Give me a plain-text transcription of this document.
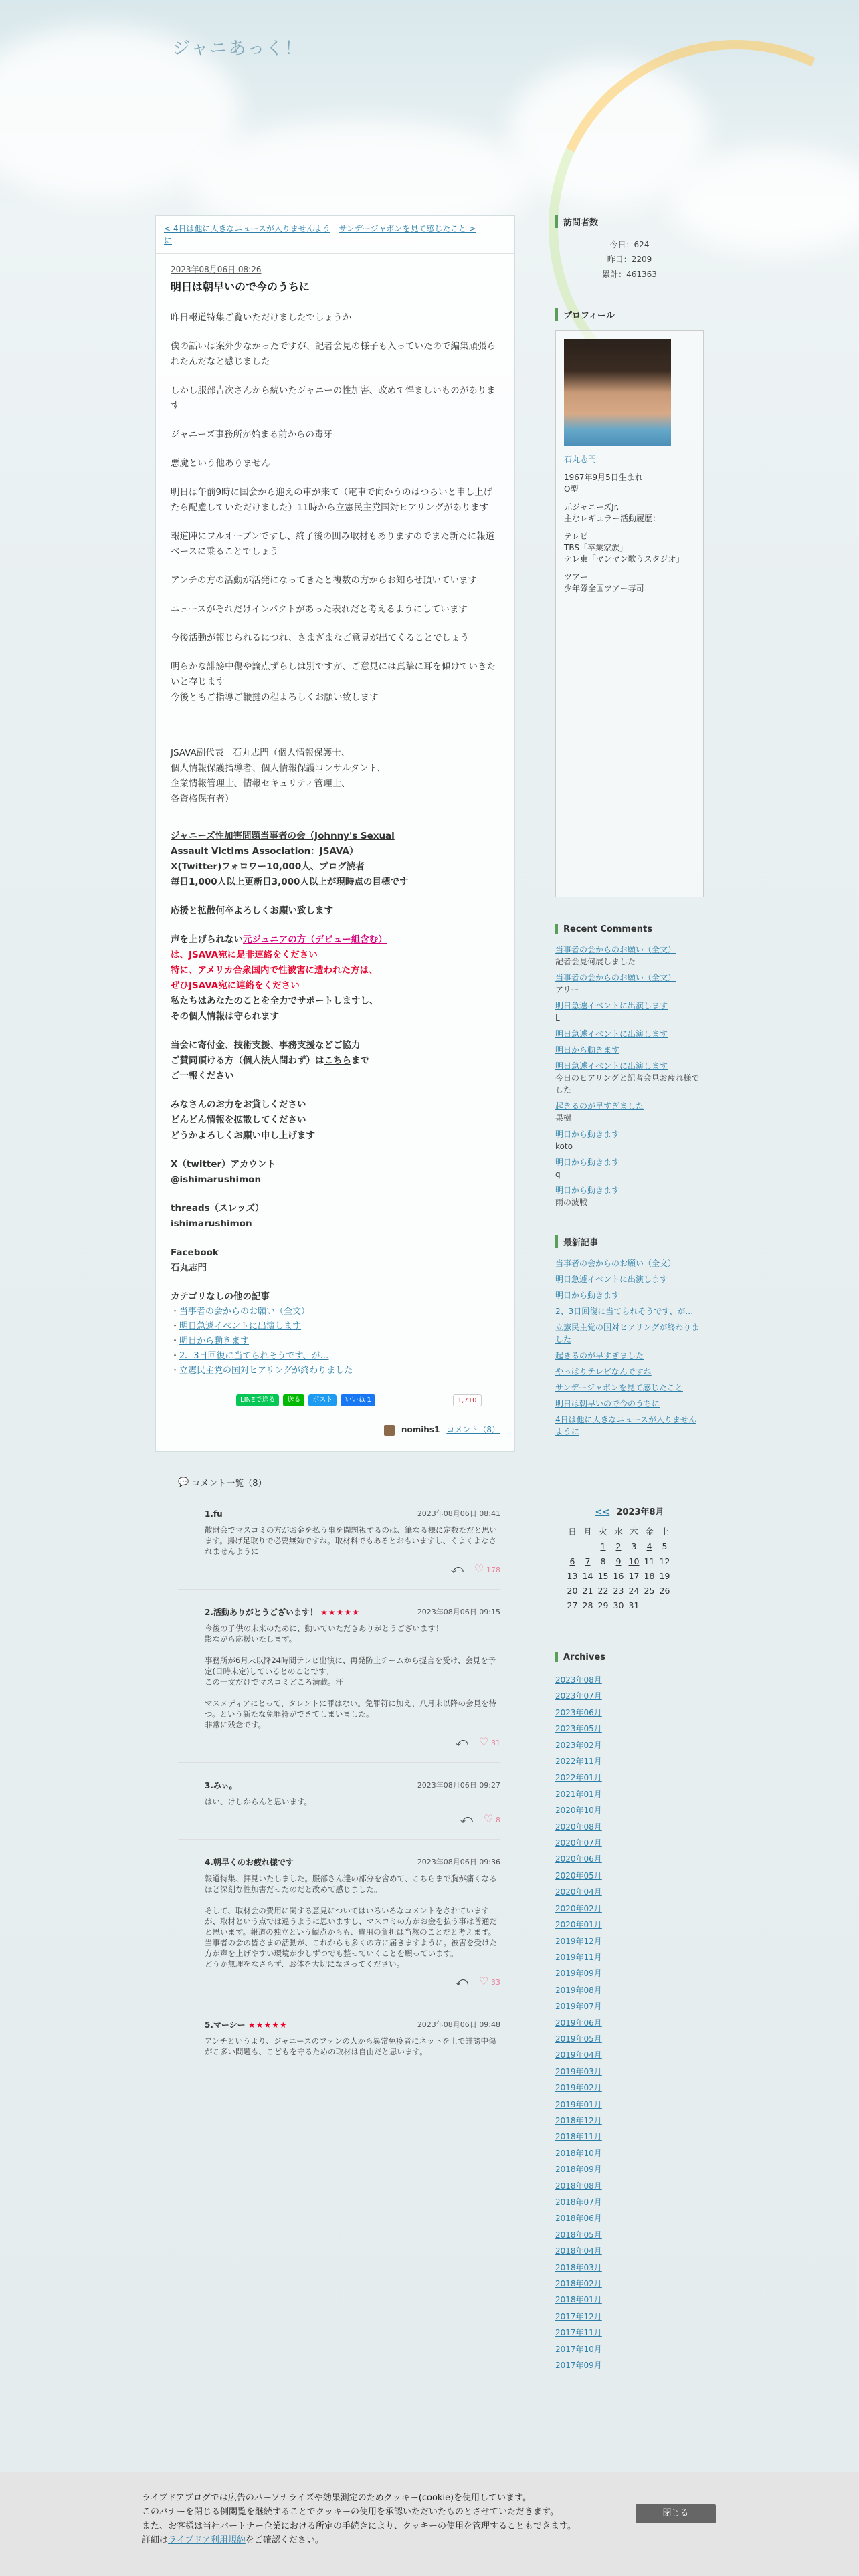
ジャニあっく！
< 4日は他に大きなニュースが入りませんように
サンデージャポンを見て感じたこと >
2023年08月06日 08:26
明日は朝早いので今のうちに
昨日報道特集ご覧いただけましたでしょうか
僕の話いは案外少なかったですが、記者会見の様子も入っていたので編集頑張られたんだなと感じました
しかし服部吉次さんから続いたジャニーの性加害、改めて悍ましいものがあります
ジャニーズ事務所が始まる前からの毒牙
悪魔という他ありません
明日は午前9時に国会から迎えの車が来て（電車で向かうのはつらいと申し上げたら配慮していただけました）11時から立憲民主党国対ヒアリングがあります
報道陣にフルオープンですし、終了後の囲み取材もありますのでまた新たに報道ベースに乗ることでしょう
アンチの方の活動が活発になってきたと複数の方からお知らせ頂いています
ニュースがそれだけインパクトがあった表れだと考えるようにしています
今後活動が報じられるにつれ、さまざまなご意見が出てくることでしょう
明らかな誹謗中傷や論点ずらしは別ですが、ご意見には真摯に耳を傾けていきたいと存じます
今後ともご指導ご鞭撻の程よろしくお願い致します
JSAVA副代表　石丸志門（個人情報保護士、
個人情報保護指導者、個人情報保護コンサルタント、
企業情報管理士、情報セキュリティ管理士、
各資格保有者）
ジャニーズ性加害問題当事者の会（Johnny's Sexual
Assault Victims Association：JSAVA）
X(Twitter)フォロワー10,000人、ブログ読者
毎日1,000人以上更新日3,000人以上が現時点の目標です
応援と拡散何卒よろしくお願い致します
声を上げられない元ジュニアの方（デビュー組含む）
は、JSAVA宛に是非連絡をください
特に、アメリカ合衆国内で性被害に遭われた方は、
ぜひJSAVA宛に連絡をください
私たちはあなたのことを全力でサポートしますし、
その個人情報は守られます
当会に寄付金、技術支援、事務支援などご協力
ご賛同頂ける方（個人法人問わず）はこちらまで
ご一報ください
みなさんのお力をお貸しください
どんどん情報を拡散してください
どうかよろしくお願い申し上げます
X（twitter）アカウント
@ishimarushimon
threads（スレッズ）
ishimarushimon
Facebook
石丸志門
カテゴリなしの他の記事
・当事者の会からのお願い（全文）
・明日急遽イベントに出演します
・明日から動きます
・2、3日回復に当てられそうです、が…
・立憲民主党の国対ヒアリングが終わりました
LINEで送る	送る	ポスト	いいね 1	1,710
nomihs1 コメント（8）
💬 コメント一覧（8）
1.fu	2023年08月06日 08:41
散財会でマスコミの方がお金を払う事を問題視するのは、筆なる様に定数ただと思います。揚げ足取りで必要無効ですね。取材料でもあるとおもいますし、くよくよなされませんように
⤺ ♡ 178
2.活動ありがとうございます！ ★★★★★	2023年08月06日 09:15
今後の子供の未来のために、動いていただきありがとうございます！
影ながら応援いたします。

事務所が6月末以降24時間テレビ出演に、再発防止チームから提言を受け、会見を予定(日時未定)しているとのことです。
この一文だけでマスコミどころ満載。汗

マスメディアにとって、タレントに罪はない。免罪符に加え、八月末以降の会見を待つ。という新たな免罪符ができてしまいました。
非常に残念です。
⤺ ♡ 31
3.みぃ。	2023年08月06日 09:27
はい、けしからんと思います。
⤺ ♡ 8
4.朝早くのお疲れ様です	2023年08月06日 09:36
報道特集、拝見いたしました。服部さん達の部分を含めて、こちらまで胸が痛くなるほど深刻な性加害だったのだと改めて感じました。

そして、取材会の費用に関する意見についてはいろいろなコメントをされていますが、取材という点では違うように思いますし、マスコミの方がお金を払う事は普通だと思います。報道の独立という観点からも、費用の負担は当然のことだと考えます。
当事者の会の皆さまの活動が、これからも多くの方に届きますように。被害を受けた方が声を上げやすい環境が少しずつでも整っていくことを願っています。
どうか無理をなさらず、お体を大切になさってください。
⤺ ♡ 33
5.マーシー ★★★★★	2023年08月06日 09:48
アンチというより、ジャニーズのファンの人から異常免疫者にネットを上で誹謗中傷がこ多い問題も、こどもを守るための取材は自由だと思います。
訪問者数
今日：624
昨日：2209
累計：461363
プロフィール
石丸志門
1967年9月5日生まれ
O型
元ジャニーズJr.
主なレギュラー活動履歴：
テレビ
TBS「卒業家族」
テレ東「ヤンヤン歌うスタジオ」
ツアー
少年隊全国ツアー専司
Recent Comments
当事者の会からのお願い（全文）
記者会見何展しました
当事者の会からのお願い（全文）
アリー
明日急遽イベントに出演します
L
明日急遽イベントに出演します
明日から動きます
明日急遽イベントに出演します
今日のヒアリングと記者会見お疲れ様でした
起きるのが早すぎました
果樹
明日から動きます
koto
明日から動きます
q
明日から動きます
雨の波戦
最新記事
当事者の会からのお願い（全文）
明日急遽イベントに出演します
明日から動きます
2、3日回復に当てられそうです、が…
立憲民主党の国対ヒアリングが終わりました
起きるのが早すぎました
やっぱりテレビなんですね
サンデージャポンを見て感じたこと
明日は朝早いので今のうちに
4日は他に大きなニュースが入りませんように
<< 2023年8月
日	月	火	水	木	金	土
		1	2	3	4	5
6	7	8	9	10	11	12
13	14	15	16	17	18	19
20	21	22	23	24	25	26
27	28	29	30	31		
Archives
2023年08月
2023年07月
2023年06月
2023年05月
2023年02月
2022年11月
2022年01月
2021年01月
2020年10月
2020年08月
2020年07月
2020年06月
2020年05月
2020年04月
2020年02月
2020年01月
2019年12月
2019年11月
2019年09月
2019年08月
2019年07月
2019年06月
2019年05月
2019年04月
2019年03月
2019年02月
2019年01月
2018年12月
2018年11月
2018年10月
2018年09月
2018年08月
2018年07月
2018年06月
2018年05月
2018年04月
2018年03月
2018年02月
2018年01月
2017年12月
2017年11月
2017年10月
2017年09月
ライブドアブログでは広告のパーソナライズや効果測定のためクッキー(cookie)を使用しています。
このバナーを閉じる例閲覧を継続することでクッキーの使用を承認いただいたものとさせていただきます。
また、お客様は当社パートナー企業における所定の手続きにより、クッキーの使用を管理することもできます。
詳細はライブドア利用規約をご確認ください。
閉じる
